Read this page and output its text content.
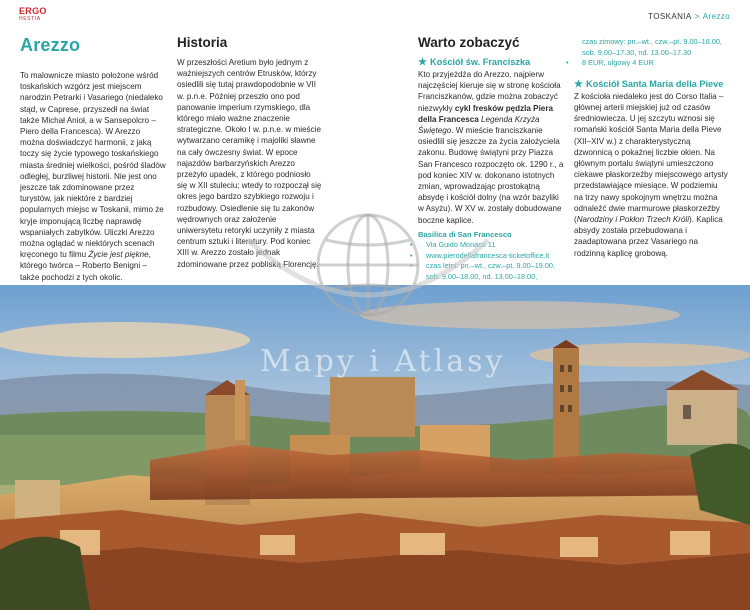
ERGO
HESTIA	TOSKANIA > Arezzo
Arezzo

To malownicze miasto położone wśród toskańskich wzgórz jest miejscem narodzin Petrarki i Vasariego (niedaleko stąd, w Caprese, przyszedł na świat także Michał Anioł, a w Sansepolcro – Piero della Francesca). W Arezzo można doświadczyć harmonii, z jaką toczy się życie typowego toskańskiego miasta średniej wielkości, pośród śladów odległej, burzliwej historii. Nie jest ono jeszcze tak zdominowane przez turystów, jak niektóre z bardziej popularnych miejsc w Toskanii, mimo że kryje imponującą liczbę naprawdę wspaniałych zabytków. Uliczki Arezzo można oglądać w niektórych scenach kręconego tu filmu Życie jest piękne, którego twórca – Roberto Benigni – także pochodzi z tych okolic.

Historia

W przeszłości Aretium było jednym z ważniejszych centrów Etrusków, którzy osiedlili się tutaj prawdopodobnie w VII w. p.n.e. Później przeszło ono pod panowanie imperium rzymskiego, dla którego miało ważne znaczenie strategiczne. Około I w. p.n.e. w mieście wytwarzano ceramikę i majoliki sławne na cały ówczesny świat. W epoce najazdów barbarzyńskich Arezzo przeżyło upadek, z którego podniosło się w XII stuleciu; wtedy to rozpoczął się okres jego bardzo szybkiego rozwoju i rozbudowy. Osiedlenie się tu zakonów wędrownych oraz założenie uniwersytetu retoryki uczyniły z miasta centrum sztuki i literatury. Pod koniec XIII w. Arezzo zostało jednak zdominowane przez pobliską Florencję.

Warto zobaczyć
★ Kościół św. Franciszka

Kto przyjeżdża do Arezzo, najpierw najczęściej kieruje się w stronę kościoła Franciszkanów, gdzie można zobaczyć niezwykły cykl fresków pędzla Piera della Francesca Legenda Krzyża Świętego. W mieście franciszkanie osiedlili się jeszcze za życia założyciela zakonu. Budowę świątyni przy Piazza San Francesco rozpoczęto ok. 1290 r., a pod koniec XIV w. dokonano istotnych zmian, wprowadzając prostokątną absydę i kościół dolny (na wzór bazyliki w Asyżu). W XV w. zostały dobudowane boczne kaplice.

Basilica di San Francesco
• Via Guido Monaco 11
• www.pierodellafrancesca-ticketoffice.it
• czas letni: pn.–wt., czw.–pt. 9.00–19.00, sob. 9.00–18.00, nd. 13.00–18.00,
czas zimowy: pn.–wt., czw.–pt. 9.00–18.00, sob. 9.00–17.30, nd. 13.00–17.30
• 8 EUR, ulgowy 4 EUR
★ Kościół Santa Maria della Pieve

Z kościoła niedaleko jest do Corso Italia – głównej arterii miejskiej już od czasów średniowiecza. U jej szczytu wznosi się romański kościół Santa Maria della Pieve (XII–XIV w.) z charakterystyczną dzwonnicą o pokaźnej liczbie okien. Na głównym portalu świątyni umieszczono ciekawe płaskorzeźby miejscowego artysty przedstawiające miesiące. W podziemiu na trzy nawy spokojnym wnętrzu można odnaleźć dwie marmurowe płaskorzeźby (Narodziny i Pokłon Trzech Króli). Kaplica absydy została przebudowana i zaadaptowana przez Vasariego na rodzinną kaplicę grobową.

Mapy i Atlasy
